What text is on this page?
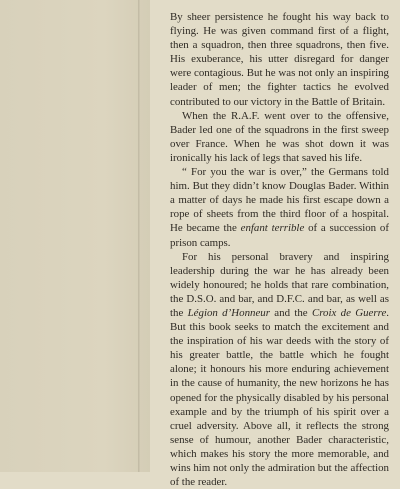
By sheer persistence he fought his way back to flying. He was given command first of a flight, then a squadron, then three squadrons, then five. His exuberance, his utter disregard for danger were contagious. But he was not only an inspiring leader of men; the fighter tactics he evolved contributed to our victory in the Battle of Britain.

When the R.A.F. went over to the offensive, Bader led one of the squadrons in the first sweep over France. When he was shot down it was ironically his lack of legs that saved his life.

“ For you the war is over,” the Germans told him. But they didn’t know Douglas Bader. Within a matter of days he made his first escape down a rope of sheets from the third floor of a hospital. He became the enfant terrible of a succession of prison camps.

For his personal bravery and inspiring leadership during the war he has already been widely honoured; he holds that rare combination, the D.S.O. and bar, and D.F.C. and bar, as well as the Légion d’Honneur and the Croix de Guerre. But this book seeks to match the excitement and the inspiration of his war deeds with the story of his greater battle, the battle which he fought alone; it honours his more enduring achievement in the cause of humanity, the new horizons he has opened for the physically disabled by his personal example and by the triumph of his spirit over a cruel adversity. Above all, it reflects the strong sense of humour, another Bader characteristic, which makes his story the more memorable, and wins him not only the admiration but the affection of the reader.
